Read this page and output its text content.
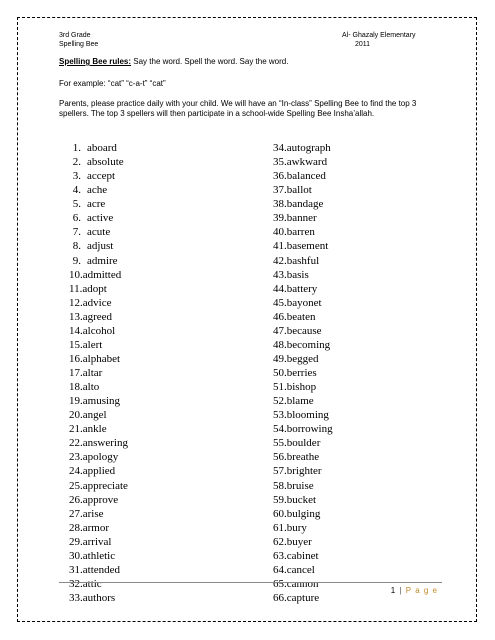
3rd Grade
Spelling Bee
Al- Ghazaly Elementary
2011
Spelling Bee rules: Say the word. Spell the word. Say the word.
For example: “cat” “c-a-t” “cat”
Parents, please practice daily with your child. We will have an “In-class” Spelling Bee to find the top 3 spellers. The top 3 spellers will then participate in a school-wide Spelling Bee Insha’allah.
1. aboard
2. absolute
3. accept
4. ache
5. acre
6. active
7. acute
8. adjust
9. admire
10.admitted
11.adopt
12.advice
13.agreed
14.alcohol
15.alert
16.alphabet
17.altar
18.alto
19.amusing
20.angel
21.ankle
22.answering
23.apology
24.applied
25.appreciate
26.approve
27.arise
28.armor
29.arrival
30.athletic
31.attended
32.attic
33.authors
34.autograph
35.awkward
36.balanced
37.ballot
38.bandage
39.banner
40.barren
41.basement
42.bashful
43.basis
44.battery
45.bayonet
46.beaten
47.because
48.becoming
49.begged
50.berries
51.bishop
52.blame
53.blooming
54.borrowing
55.boulder
56.breathe
57.brighter
58.bruise
59.bucket
60.bulging
61.bury
62.buyer
63.cabinet
64.cancel
65.cannon
66.capture
1 | P a g e
